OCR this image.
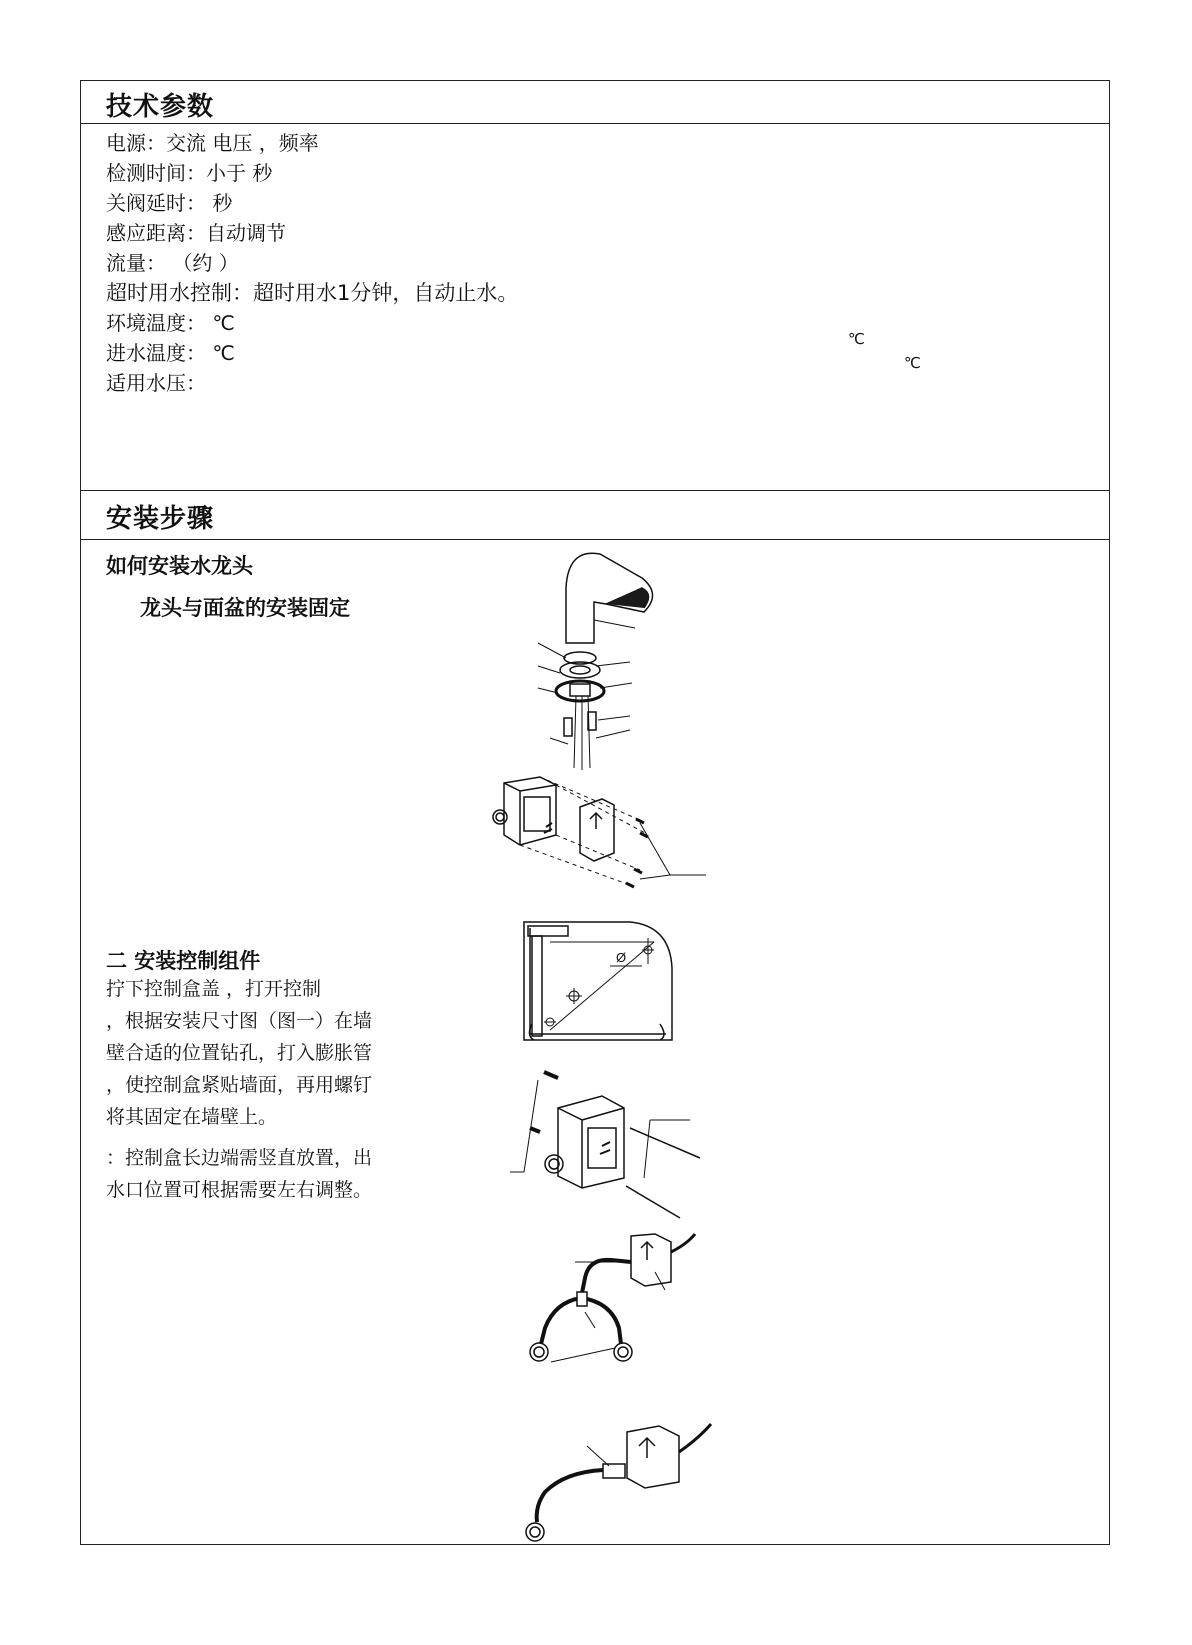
技术参数
电源：交流 电压 ，频率
检测时间：小于 秒
关阀延时： 秒
感应距离：自动调节
流量： （约 ）
超时用水控制：超时用水1分钟，自动止水。
环境温度： ℃
进水温度： ℃
适用水压：
℃
℃
安装步骤
如何安装水龙头
龙头与面盆的安装固定
二 安装控制组件
拧下控制盒盖 ，打开控制
，根据安装尺寸图（图一）在墙
壁合适的位置钻孔，打入膨胀管
，使控制盒紧贴墙面，再用螺钉
将其固定在墙壁上。
：控制盒长边端需竖直放置，出
水口位置可根据需要左右调整。
Ø
